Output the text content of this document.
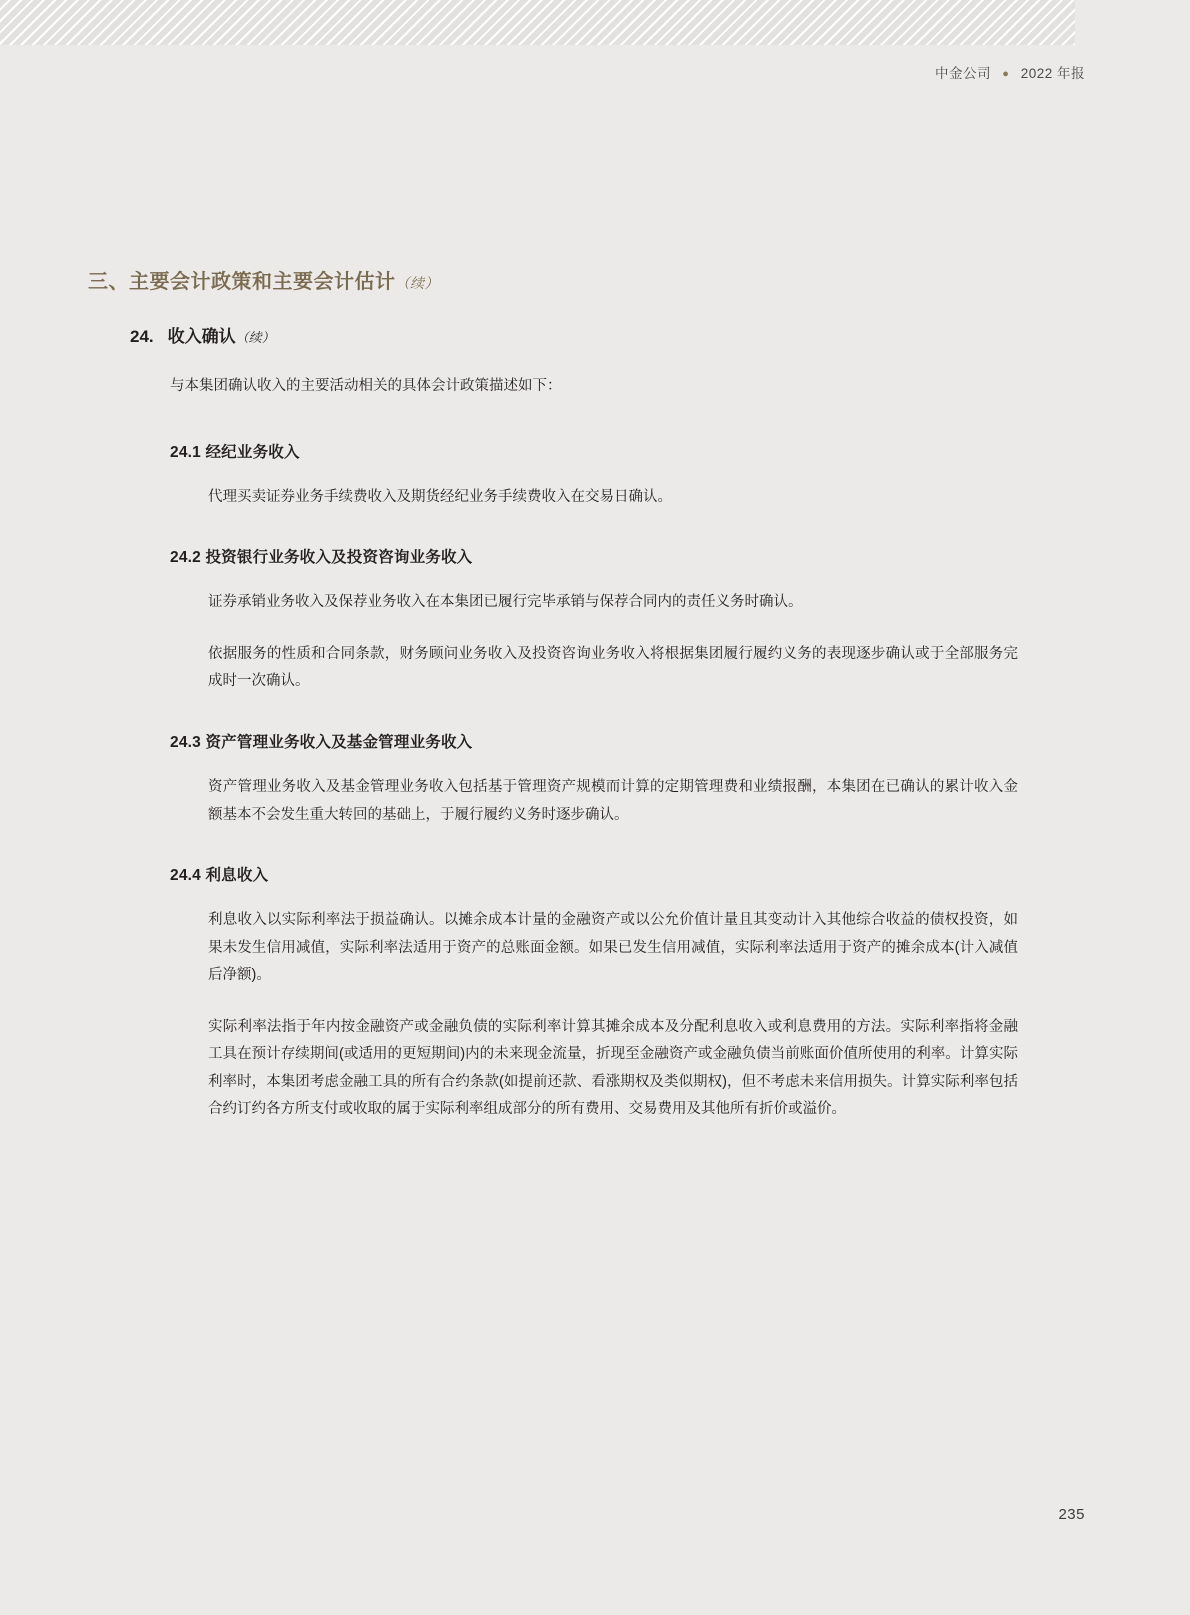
中金公司 ● 2022 年报
三、主要会计政策和主要会计估计（续）
24. 收入确认（续）

与本集团确认收入的主要活动相关的具体会计政策描述如下：

24.1 经纪业务收入

代理买卖证券业务手续费收入及期货经纪业务手续费收入在交易日确认。

24.2 投资银行业务收入及投资咨询业务收入

证券承销业务收入及保荐业务收入在本集团已履行完毕承销与保荐合同内的责任义务时确认。

依据服务的性质和合同条款，财务顾问业务收入及投资咨询业务收入将根据集团履行履约义务的表现逐步确认或于全部服务完成时一次确认。

24.3 资产管理业务收入及基金管理业务收入

资产管理业务收入及基金管理业务收入包括基于管理资产规模而计算的定期管理费和业绩报酬，本集团在已确认的累计收入金额基本不会发生重大转回的基础上，于履行履约义务时逐步确认。

24.4 利息收入

利息收入以实际利率法于损益确认。以摊余成本计量的金融资产或以公允价值计量且其变动计入其他综合收益的债权投资，如果未发生信用减值，实际利率法适用于资产的总账面金额。如果已发生信用减值，实际利率法适用于资产的摊余成本(计入减值后净额)。

实际利率法指于年内按金融资产或金融负债的实际利率计算其摊余成本及分配利息收入或利息费用的方法。实际利率指将金融工具在预计存续期间(或适用的更短期间)内的未来现金流量，折现至金融资产或金融负债当前账面价值所使用的利率。计算实际利率时，本集团考虑金融工具的所有合约条款(如提前还款、看涨期权及类似期权)，但不考虑未来信用损失。计算实际利率包括合约订约各方所支付或收取的属于实际利率组成部分的所有费用、交易费用及其他所有折价或溢价。

235
